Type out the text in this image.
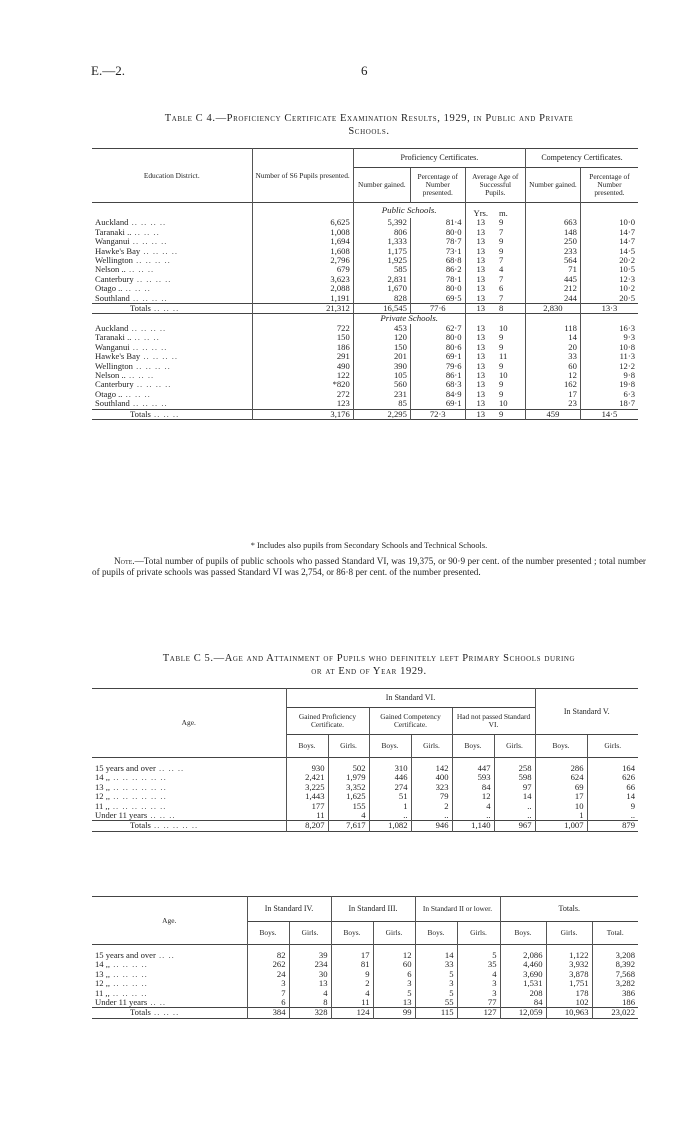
E.—2.	6
Table C 4.—Proficiency Certificate Examination Results, 1929, in Public and Private
Schools.
Education District.	Number of S6 Pupils presented.	Proficiency Certificates.				Competency Certificates.	
		Number gained.	Percentage of Number presented.	Average Age of Successful Pupils.		Number gained.	Percentage of Number presented.
		Public Schools.		Yrs.	m.		
Auckland .. .. .. ..	6,625	5,392	81·4	13	9	663	10·0
Taranaki .. .. .. ..	1,008	806	80·0	13	7	148	14·7
Wanganui .. .. .. ..	1,694	1,333	78·7	13	9	250	14·7
Hawke's Bay .. .. .. ..	1,608	1,175	73·1	13	9	233	14·5
Wellington .. .. .. ..	2,796	1,925	68·8	13	7	564	20·2
Nelson .. .. .. ..	679	585	86·2	13	4	71	10·5
Canterbury .. .. .. ..	3,623	2,831	78·1	13	7	445	12·3
Otago .. .. .. ..	2,088	1,670	80·0	13	6	212	10·2
Southland .. .. .. ..	1,191	828	69·5	13	7	244	20·5
Totals .. .. ..	21,312	16,545	77·6	13	8	2,830	13·3
		Private Schools.					
Auckland .. .. .. ..	722	453	62·7	13	10	118	16·3
Taranaki .. .. .. ..	150	120	80·0	13	9	14	9·3
Wanganui .. .. .. ..	186	150	80·6	13	9	20	10·8
Hawke's Bay .. .. .. ..	291	201	69·1	13	11	33	11·3
Wellington .. .. .. ..	490	390	79·6	13	9	60	12·2
Nelson .. .. .. ..	122	105	86·1	13	10	12	9·8
Canterbury .. .. .. ..	*820	560	68·3	13	9	162	19·8
Otago .. .. .. ..	272	231	84·9	13	9	17	6·3
Southland .. .. .. ..	123	85	69·1	13	10	23	18·7
Totals .. .. ..	3,176	2,295	72·3	13	9	459	14·5
* Includes also pupils from Secondary Schools and Technical Schools.
Note.—Total number of pupils of public schools who passed Standard VI, was 19,375, or 90·9 per cent. of the number presented ; total number of pupils of private schools was passed Standard VI was 2,754, or 86·8 per cent. of the number presented.
Table C 5.—Age and Attainment of Pupils who definitely left Primary Schools during
or at End of Year 1929.
Age.	In Standard VI.						In Standard V.	
	Gained Proficiency Certificate.		Gained Competency Certificate.		Had not passed Standard VI.			
	Boys.	Girls.	Boys.	Girls.	Boys.	Girls.	Boys.	Girls.

15 years and over .. .. ..	930	502	310	142	447	258	286	164
14 ,, .. .. .. .. .. ..	2,421	1,979	446	400	593	598	624	626
13 ,, .. .. .. .. .. ..	3,225	3,352	274	323	84	97	69	66
12 ,, .. .. .. .. .. ..	1,443	1,625	51	79	12	14	17	14
11 ,, .. .. .. .. .. ..	177	155	1	2	4	..	10	9
Under 11 years .. .. ..	11	4	..	..	..	..	1	..
Totals .. .. .. .. ..	8,207	7,617	1,082	946	1,140	967	1,007	879
Age.	In Standard IV.		In Standard III.		In Standard II or lower.		Totals.		
	Boys.	Girls.	Boys.	Girls.	Boys.	Girls.	Boys.	Girls.	Total.

15 years and over .. ..	82	39	17	12	14	5	2,086	1,122	3,208
14 ,, .. .. .. ..	262	234	81	60	33	35	4,460	3,932	8,392
13 ,, .. .. .. ..	24	30	9	6	5	4	3,690	3,878	7,568
12 ,, .. .. .. ..	3	13	2	3	3	3	1,531	1,751	3,282
11 ,, .. .. .. ..	7	4	4	5	5	3	208	178	386
Under 11 years .. ..	6	8	11	13	55	77	84	102	186
Totals .. .. ..	384	328	124	99	115	127	12,059	10,963	23,022
